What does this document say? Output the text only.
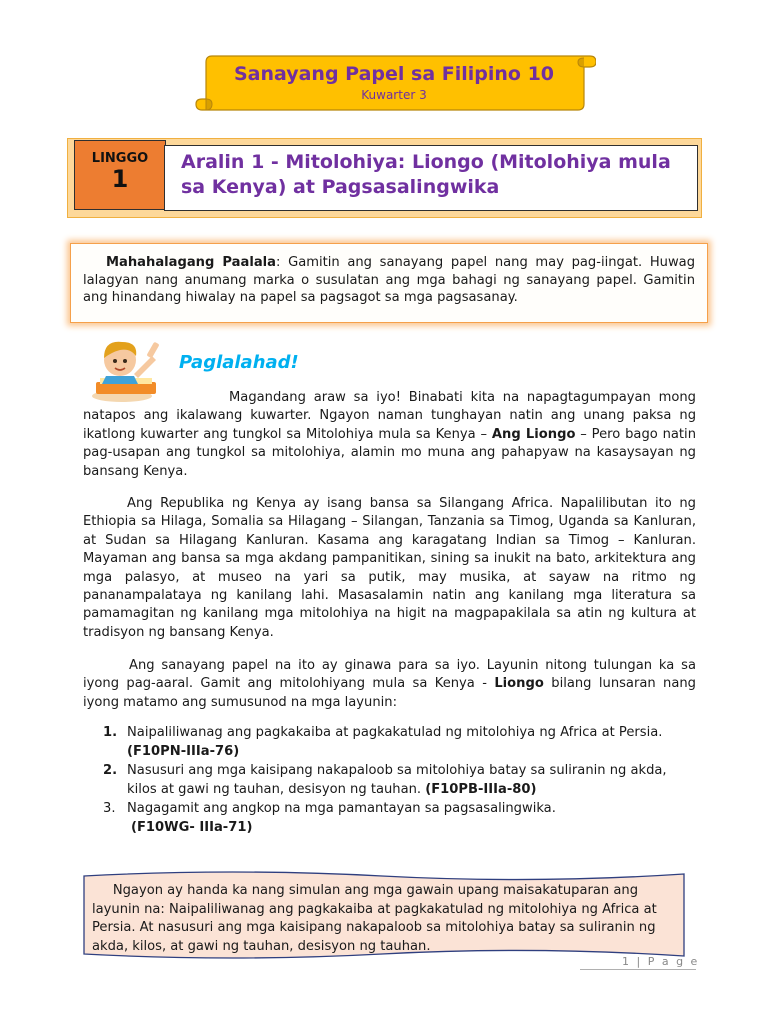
Sanayang Papel sa Filipino 10
Kuwarter 3
LINGGO
1
Aralin 1 - Mitolohiya: Liongo (Mitolohiya mula sa Kenya) at Pagsasalingwika
Mahahalagang Paalala: Gamitin ang sanayang papel nang may pag-iingat. Huwag lalagyan nang anumang marka o susulatan ang mga bahagi ng sanayang papel. Gamitin ang hinandang hiwalay na papel sa pagsagot sa mga pagsasanay.
Paglalahad!

Magandang araw sa iyo! Binabati kita na napagtagumpayan mong natapos ang ikalawang kuwarter. Ngayon naman tunghayan natin ang unang paksa ng ikatlong kuwarter ang tungkol sa Mitolohiya mula sa Kenya – Ang Liongo – Pero bago natin pag-usapan ang tungkol sa mitolohiya, alamin mo muna ang pahapyaw na kasaysayan ng bansang Kenya.

Ang Republika ng Kenya ay isang bansa sa Silangang Africa. Napalilibutan ito ng Ethiopia sa Hilaga, Somalia sa Hilagang – Silangan, Tanzania sa Timog, Uganda sa Kanluran, at Sudan sa Hilagang Kanluran. Kasama ang karagatang Indian sa Timog – Kanluran. Mayaman ang bansa sa mga akdang pampanitikan, sining sa inukit na bato, arkitektura ang mga palasyo, at museo na yari sa putik, may musika, at sayaw na ritmo ng pananampalataya ng kanilang lahi. Masasalamin natin ang kanilang mga literatura sa pamamagitan ng kanilang mga mitolohiya na higit na magpapakilala sa atin ng kultura at tradisyon ng bansang Kenya.

Ang sanayang papel na ito ay ginawa para sa iyo. Layunin nitong tulungan ka sa iyong pag-aaral. Gamit ang mitolohiyang mula sa Kenya - Liongo bilang lunsaran nang iyong matamo ang sumusunod na mga layunin:

1. Naipaliliwanag ang pagkakaiba at pagkakatulad ng mitolohiya ng Africa at Persia.
(F10PN-IIIa-76)
2. Nasusuri ang mga kaisipang nakapaloob sa mitolohiya batay sa suliranin ng akda, kilos at gawi ng tauhan, desisyon ng tauhan. (F10PB-IIIa-80)
3. Nagagamit ang angkop na mga pamantayan sa pagsasalingwika.
(F10WG- IIIa-71)
Ngayon ay handa ka nang simulan ang mga gawain upang maisakatuparan ang layunin na: Naipaliliwanag ang pagkakaiba at pagkakatulad ng mitolohiya ng Africa at Persia. At nasusuri ang mga kaisipang nakapaloob sa mitolohiya batay sa suliranin ng akda, kilos, at gawi ng tauhan, desisyon ng tauhan.
1 | P a g e
